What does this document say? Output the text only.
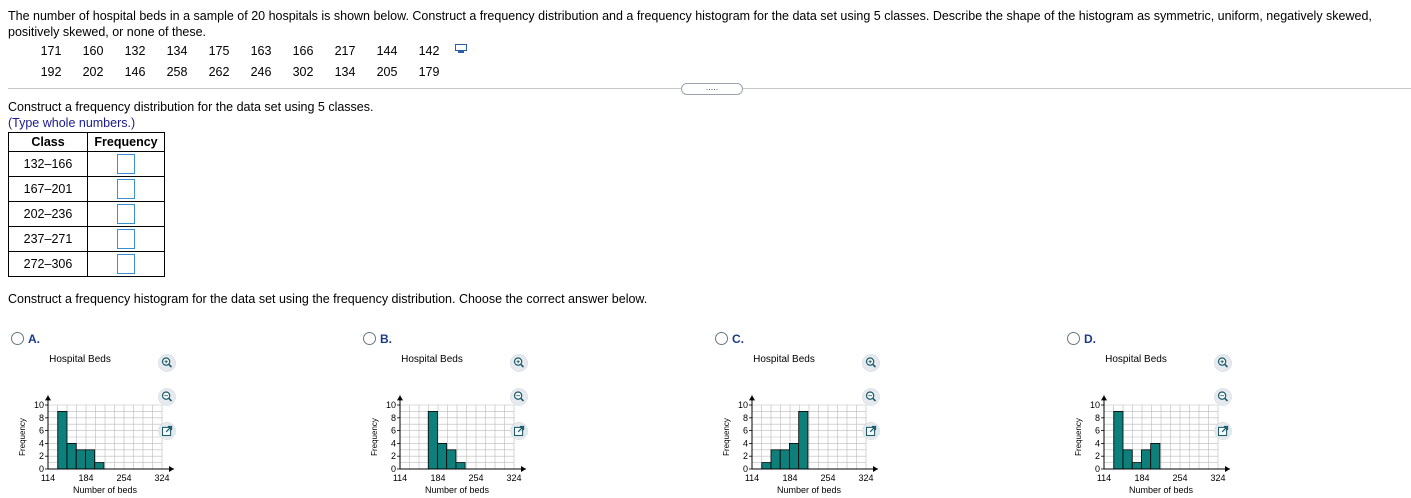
The number of hospital beds in a sample of 20 hospitals is shown below. Construct a frequency distribution and a frequency histogram for the data set using 5 classes. Describe the shape of the histogram as symmetric, uniform, negatively skewed, positively skewed, or none of these.
171	160	132	134	175	163	166	217	144	142
192	202	146	258	262	246	302	134	205	179
.....
Construct a frequency distribution for the data set using 5 classes.
(Type whole numbers.)
Class	Frequency
132–166	
167–201	
202–236	
237–271	
272–306	
Construct a frequency histogram for the data set using the frequency distribution. Choose the correct answer below.
A.
Hospital Beds
0
2
4
6
8
10
114	184	254	324
Number of beds
Frequency
B.
Hospital Beds
0
2
4
6
8
10
114	184	254	324
Number of beds
Frequency
C.
Hospital Beds
0
2
4
6
8
10
114	184	254	324
Number of beds
Frequency
D.
Hospital Beds
0
2
4
6
8
10
114	184	254	324
Number of beds
Frequency
